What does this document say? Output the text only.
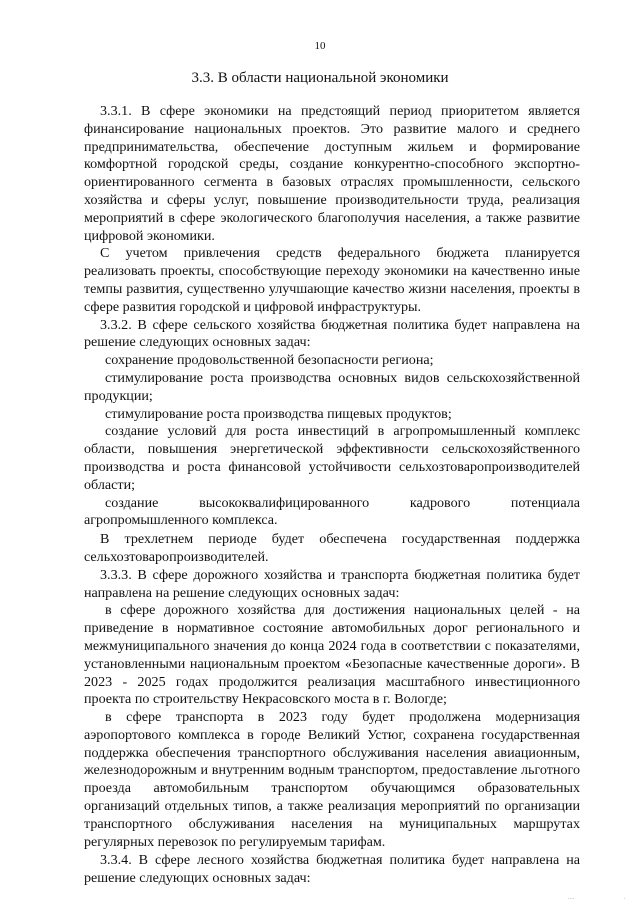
10
3.3. В области национальной экономики

3.3.1. В сфере экономики на предстоящий период приоритетом является финансирование национальных проектов. Это развитие малого и среднего предпринимательства, обеспечение доступным жильем и формирование комфортной городской среды, создание конкурентно-способного экспортно-ориентированного сегмента в базовых отраслях промышленности, сельского хозяйства и сферы услуг, повышение производительности труда, реализация мероприятий в сфере экологического благополучия населения, а также развитие цифровой экономики.

С учетом привлечения средств федерального бюджета планируется реализовать проекты, способствующие переходу экономики на качественно иные темпы развития, существенно улучшающие качество жизни населения, проекты в сфере развития городской и цифровой инфраструктуры.

3.3.2. В сфере сельского хозяйства бюджетная политика будет направлена на решение следующих основных задач:

сохранение продовольственной безопасности региона;

стимулирование роста производства основных видов сельскохозяйственной продукции;

стимулирование роста производства пищевых продуктов;

создание условий для роста инвестиций в агропромышленный комплекс области, повышения энергетической эффективности сельскохозяйственного производства и роста финансовой устойчивости сельхозтоваропроизводителей области;

создание высококвалифицированного кадрового потенциала агропромышленного комплекса.

В трехлетнем периоде будет обеспечена государственная поддержка сельхозтоваропроизводителей.

3.3.3. В сфере дорожного хозяйства и транспорта бюджетная политика будет направлена на решение следующих основных задач:

в сфере дорожного хозяйства для достижения национальных целей - на приведение в нормативное состояние автомобильных дорог регионального и межмуниципального значения до конца 2024 года в соответствии с показателями, установленными национальным проектом «Безопасные качественные дороги». В 2023 - 2025 годах продолжится реализация масштабного инвестиционного проекта по строительству Некрасовского моста в г. Вологде;

в сфере транспорта в 2023 году будет продолжена модернизация аэропортового комплекса в городе Великий Устюг, сохранена государственная поддержка обеспечения транспортного обслуживания населения авиационным, железнодорожным и внутренним водным транспортом, предоставление льготного проезда автомобильным транспортом обучающимся образовательных организаций отдельных типов, а также реализация мероприятий по организации транспортного обслуживания населения на муниципальных маршрутах регулярных перевозок по регулируемым тарифам.

3.3.4. В сфере лесного хозяйства бюджетная политика будет направлена на решение следующих основных задач:

⋅⋅⋅⋅	⋅
